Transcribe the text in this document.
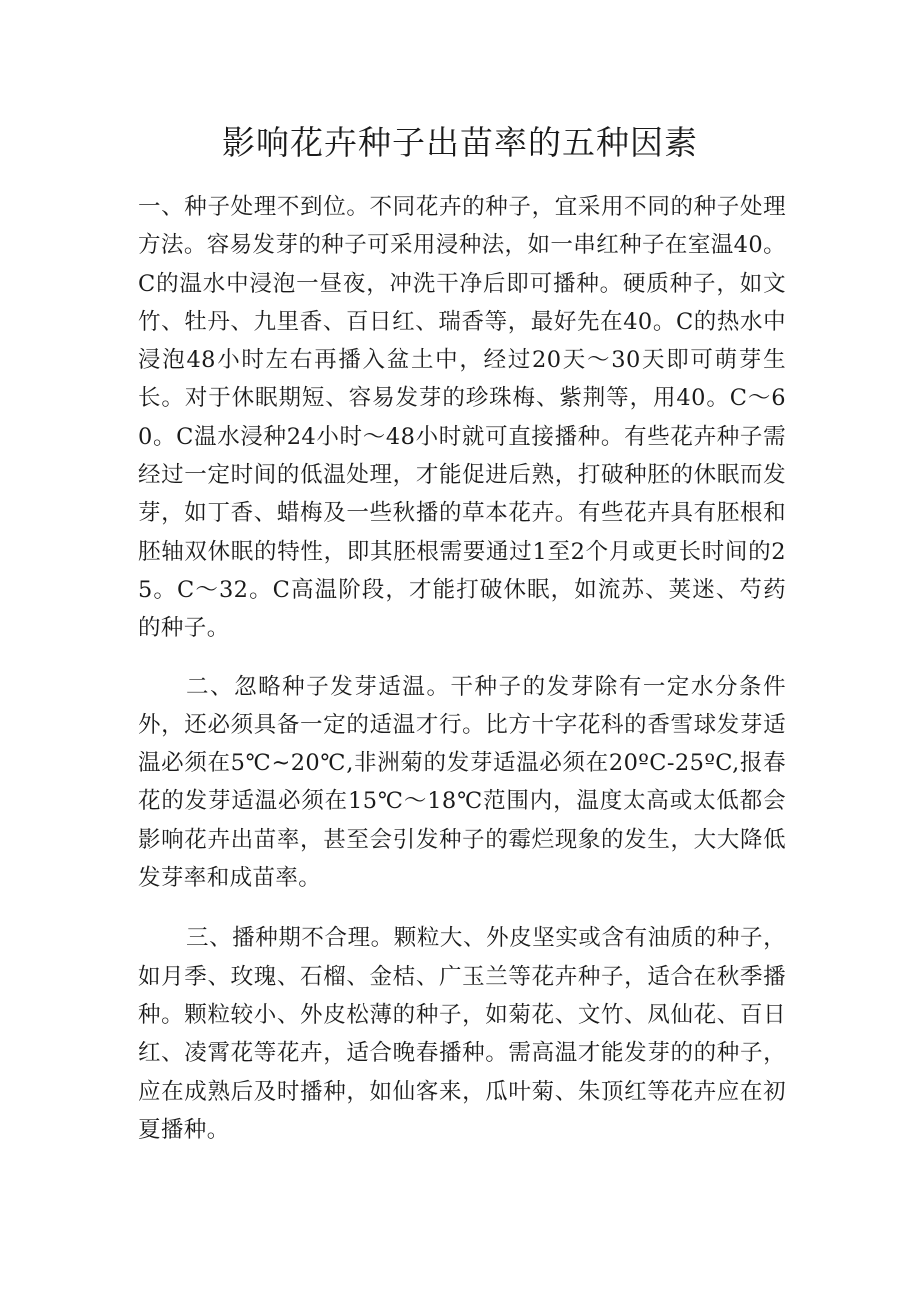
影响花卉种子出苗率的五种因素

一、种子处理不到位。不同花卉的种子，宜采用不同的种子处理方法。容易发芽的种子可采用浸种法，如一串红种子在室温40。C的温水中浸泡一昼夜，冲洗干净后即可播种。硬质种子，如文竹、牡丹、九里香、百日红、瑞香等，最好先在40。C的热水中浸泡48小时左右再播入盆土中，经过20天～30天即可萌芽生长。对于休眠期短、容易发芽的珍珠梅、紫荆等，用40。C～60。C温水浸种24小时～48小时就可直接播种。有些花卉种子需经过一定时间的低温处理，才能促进后熟，打破种胚的休眠而发芽，如丁香、蜡梅及一些秋播的草本花卉。有些花卉具有胚根和胚轴双休眠的特性，即其胚根需要通过1至2个月或更长时间的25。C～32。C高温阶段，才能打破休眠，如流苏、荚迷、芍药的种子。

二、忽略种子发芽适温。干种子的发芽除有一定水分条件外，还必须具备一定的适温才行。比方十字花科的香雪球发芽适温必须在5℃~20℃,非洲菊的发芽适温必须在20ºC-25ºC,报春花的发芽适温必须在15℃～18℃范围内，温度太高或太低都会影响花卉出苗率，甚至会引发种子的霉烂现象的发生，大大降低发芽率和成苗率。

三、播种期不合理。颗粒大、外皮坚实或含有油质的种子，如月季、玫瑰、石榴、金桔、广玉兰等花卉种子，适合在秋季播种。颗粒较小、外皮松薄的种子，如菊花、文竹、凤仙花、百日红、凌霄花等花卉，适合晚春播种。需高温才能发芽的的种子，应在成熟后及时播种，如仙客来，瓜叶菊、朱顶红等花卉应在初夏播种。
